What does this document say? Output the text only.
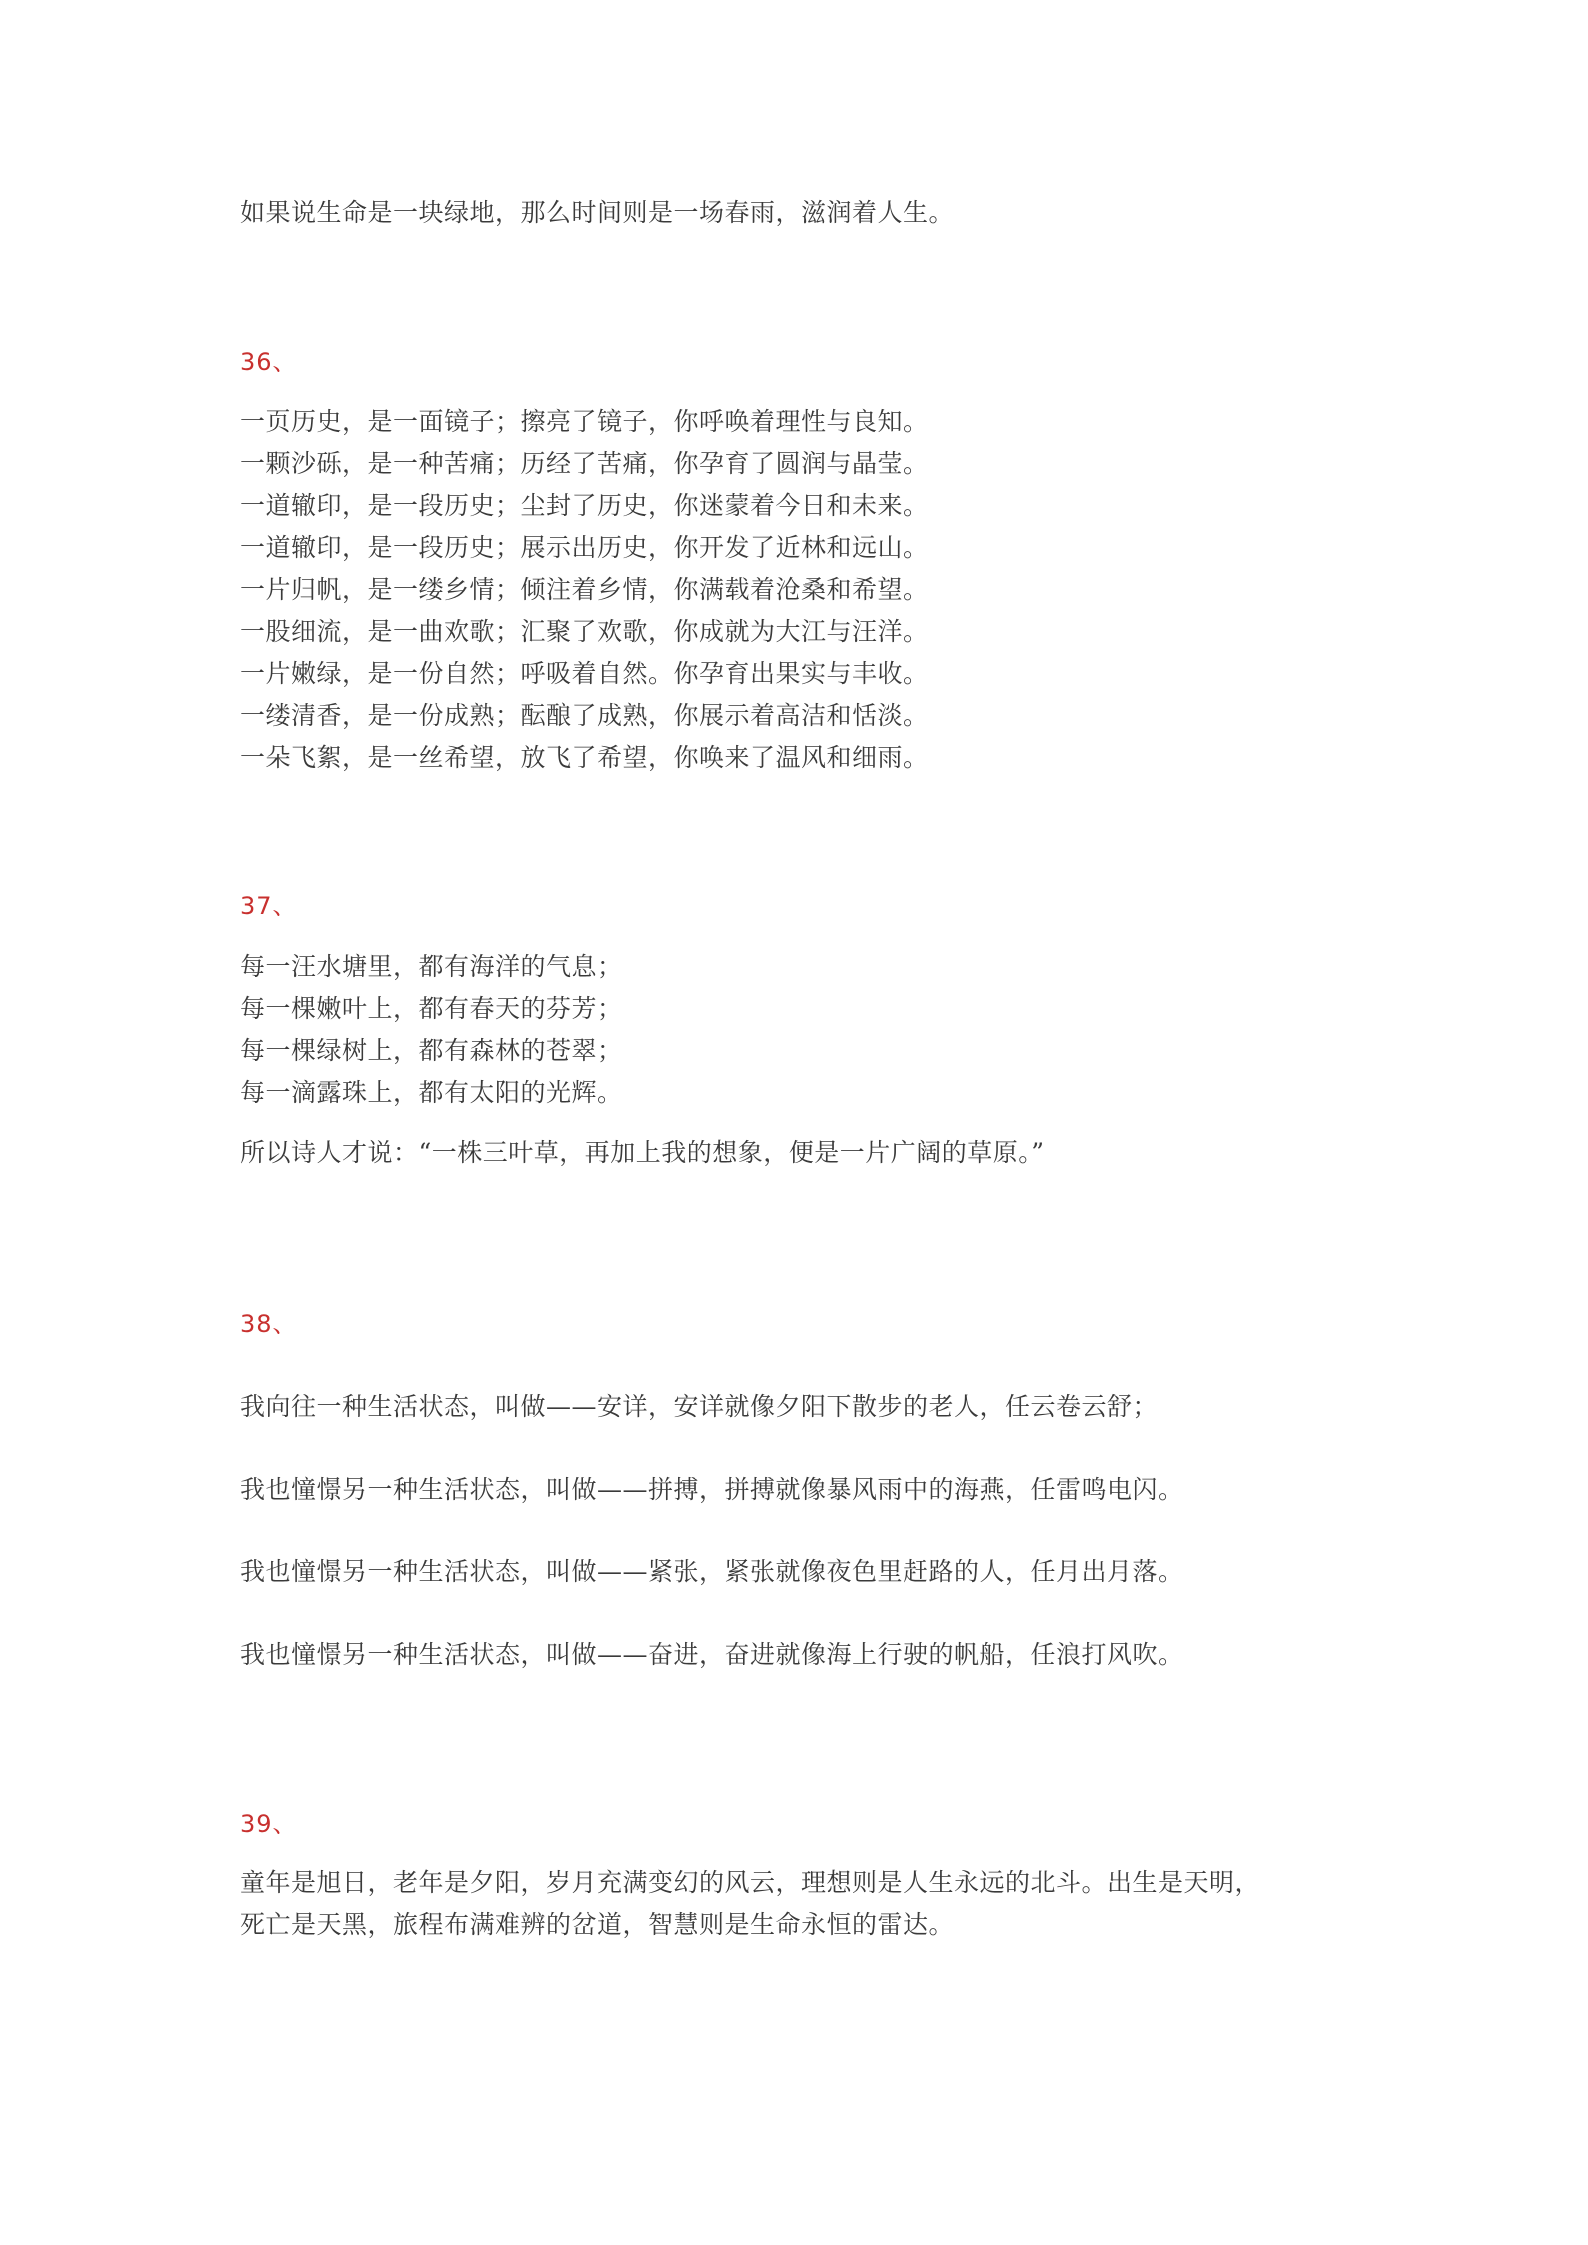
如果说生命是一块绿地，那么时间则是一场春雨，滋润着人生。
36、
一页历史，是一面镜子；擦亮了镜子，你呼唤着理性与良知。
一颗沙砾，是一种苦痛；历经了苦痛，你孕育了圆润与晶莹。
一道辙印，是一段历史；尘封了历史，你迷蒙着今日和未来。
一道辙印，是一段历史；展示出历史，你开发了近林和远山。
一片归帆，是一缕乡情；倾注着乡情，你满载着沧桑和希望。
一股细流，是一曲欢歌；汇聚了欢歌，你成就为大江与汪洋。
一片嫩绿，是一份自然；呼吸着自然。你孕育出果实与丰收。
一缕清香，是一份成熟；酝酿了成熟，你展示着高洁和恬淡。
一朵飞絮，是一丝希望，放飞了希望，你唤来了温风和细雨。
37、
每一汪水塘里，都有海洋的气息；
每一棵嫩叶上，都有春天的芬芳；
每一棵绿树上，都有森林的苍翠；
每一滴露珠上，都有太阳的光辉。
所以诗人才说：“一株三叶草，再加上我的想象，便是一片广阔的草原。”
38、
我向往一种生活状态，叫做——安详，安详就像夕阳下散步的老人，任云卷云舒；
我也憧憬另一种生活状态，叫做——拼搏，拼搏就像暴风雨中的海燕，任雷鸣电闪。
我也憧憬另一种生活状态，叫做——紧张，紧张就像夜色里赶路的人，任月出月落。
我也憧憬另一种生活状态，叫做——奋进，奋进就像海上行驶的帆船，任浪打风吹。
39、
童年是旭日，老年是夕阳，岁月充满变幻的风云，理想则是人生永远的北斗。出生是天明，
死亡是天黑，旅程布满难辨的岔道，智慧则是生命永恒的雷达。
